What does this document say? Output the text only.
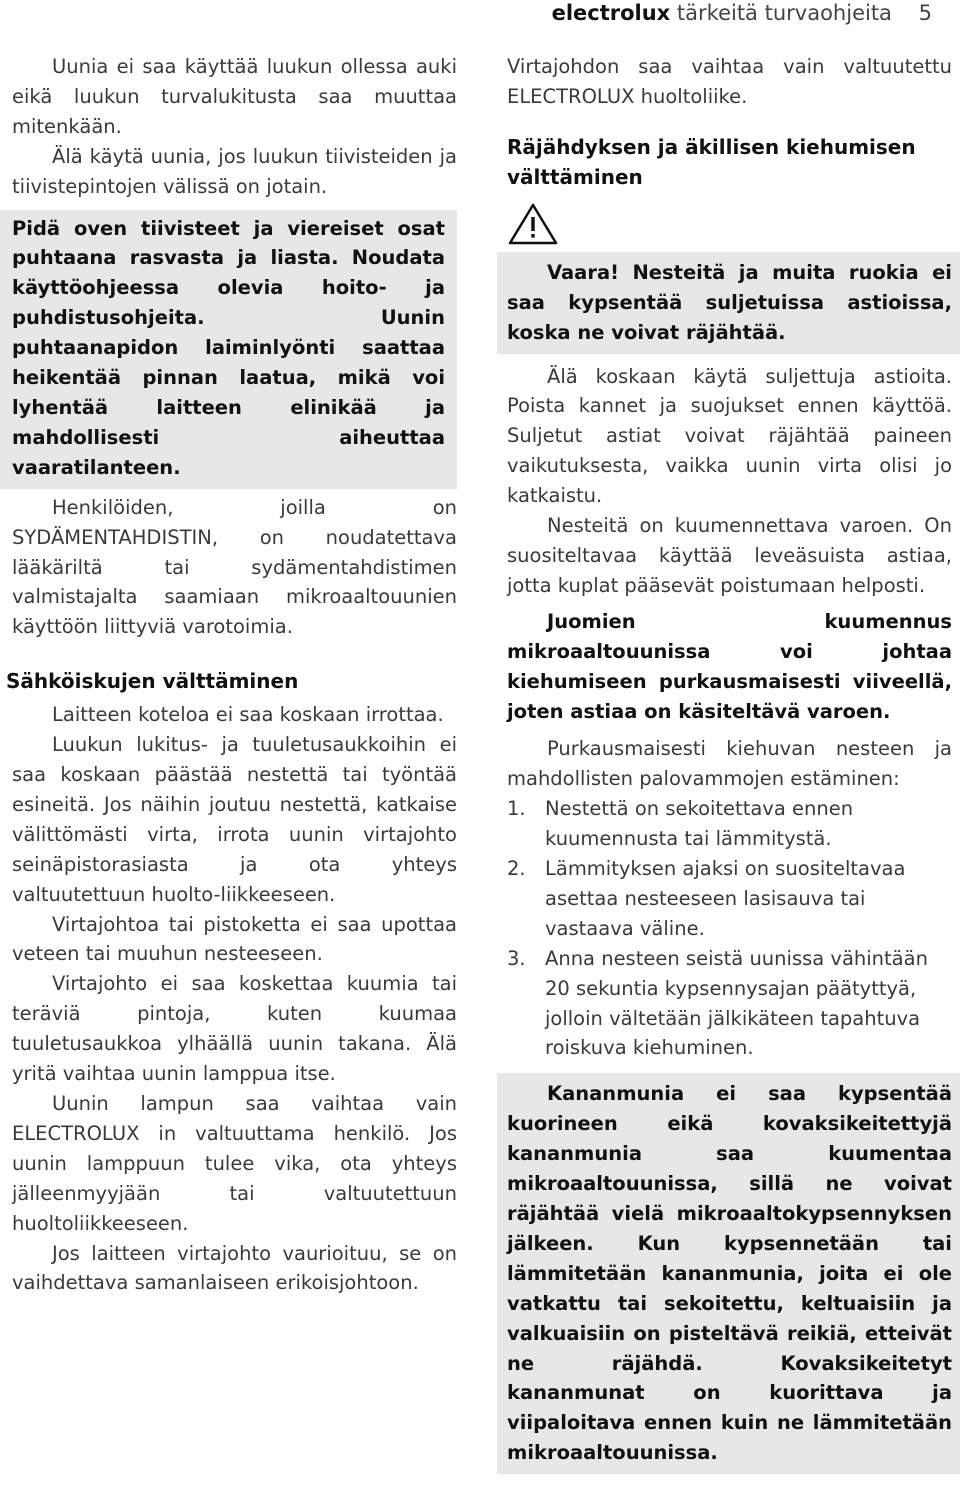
electrolux tärkeitä turvaohjeita 5

Uunia ei saa käyttää luukun ollessa auki eikä luukun turvalukitusta saa muuttaa mitenkään.

Älä käytä uunia, jos luukun tiivisteiden ja tiivistepintojen välissä on jotain.

Pidä oven tiivisteet ja viereiset osat puhtaana rasvasta ja liasta. Noudata käyttöohjeessa olevia hoito- ja puhdistusohjeita. Uunin puhtaanapidon laiminlyönti saattaa heikentää pinnan laatua, mikä voi lyhentää laitteen elinikää ja mahdollisesti aiheuttaa vaaratilanteen.

Henkilöiden, joilla on SYDÄMENTAHDISTIN, on noudatettava lääkäriltä tai sydämentahdistimen valmistajalta saamiaan mikroaaltouunien käyttöön liittyviä varotoimia.

Sähköiskujen välttäminen

Laitteen koteloa ei saa koskaan irrottaa.

Luukun lukitus- ja tuuletusaukkoihin ei saa koskaan päästää nestettä tai työntää esineitä. Jos näihin joutuu nestettä, katkaise välittömästi virta, irrota uunin virtajohto seinäpistorasiasta ja ota yhteys valtuutettuun huolto-liikkeeseen.

Virtajohtoa tai pistoketta ei saa upottaa veteen tai muuhun nesteeseen.

Virtajohto ei saa koskettaa kuumia tai teräviä pintoja, kuten kuumaa tuuletusaukkoa ylhäällä uunin takana. Älä yritä vaihtaa uunin lamppua itse.

Uunin lampun saa vaihtaa vain ELECTROLUX in valtuuttama henkilö. Jos uunin lamppuun tulee vika, ota yhteys jälleenmyyjään tai valtuutettuun huoltoliikkeeseen.

Jos laitteen virtajohto vaurioituu, se on vaihdettava samanlaiseen erikoisjohtoon.

Virtajohdon saa vaihtaa vain valtuutettu ELECTROLUX huoltoliike.

Räjähdyksen ja äkillisen kiehumisen välttäminen

Vaara! Nesteitä ja muita ruokia ei saa kypsentää suljetuissa astioissa, koska ne voivat räjähtää.

Älä koskaan käytä suljettuja astioita. Poista kannet ja suojukset ennen käyttöä. Suljetut astiat voivat räjähtää paineen vaikutuksesta, vaikka uunin virta olisi jo katkaistu.

Nesteitä on kuumennettava varoen. On suositeltavaa käyttää leveäsuista astiaa, jotta kuplat pääsevät poistumaan helposti.

Juomien kuumennus mikroaaltouunissa voi johtaa kiehumiseen purkausmaisesti viiveellä, joten astiaa on käsiteltävä varoen.

Purkausmaisesti kiehuvan nesteen ja mahdollisten palovammojen estäminen:

1. Nestettä on sekoitettava ennen kuumennusta tai lämmitystä.
2. Lämmityksen ajaksi on suositeltavaa asettaa nesteeseen lasisauva tai vastaava väline.
3. Anna nesteen seistä uunissa vähintään 20 sekuntia kypsennysajan päätyttyä, jolloin vältetään jälkikäteen tapahtuva roiskuva kiehuminen.

Kananmunia ei saa kypsentää kuorineen eikä kovaksikeitettyjä kananmunia saa kuumentaa mikroaaltouunissa, sillä ne voivat räjähtää vielä mikroaaltokypsennyksen jälkeen. Kun kypsennetään tai lämmitetään kananmunia, joita ei ole vatkattu tai sekoitettu, keltuaisiin ja valkuaisiin on pisteltävä reikiä, etteivät ne räjähdä. Kovaksikeitetyt kananmunat on kuorittava ja viipaloitava ennen kuin ne lämmitetään mikroaaltouunissa.
